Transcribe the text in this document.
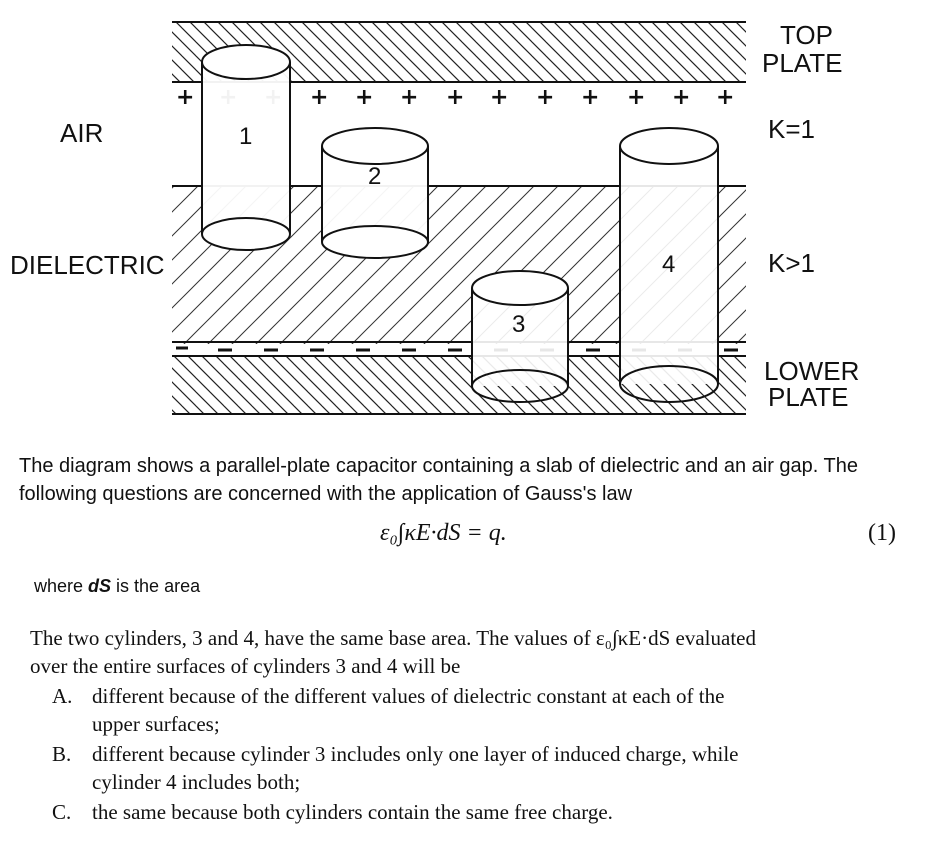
+	+ + + + + + + + + +
1
2
3
4
TOP
PLATE
K=1
K>1
LOWER
PLATE
AIR
DIELECTRIC

The diagram shows a parallel-plate capacitor containing a slab of dielectric and an air gap. The following questions are concerned with the application of Gauss's law

ε₀∫κE·dS = q.	(1)
where dS is the area

The two cylinders, 3 and 4, have the same base area. The values of ε₀∫κE·dS evaluated over the entire surfaces of cylinders 3 and 4 will be

A. different because of the different values of dielectric constant at each of the upper surfaces;
B. different because cylinder 3 includes only one layer of induced charge, while cylinder 4 includes both;
C. the same because both cylinders contain the same free charge.
